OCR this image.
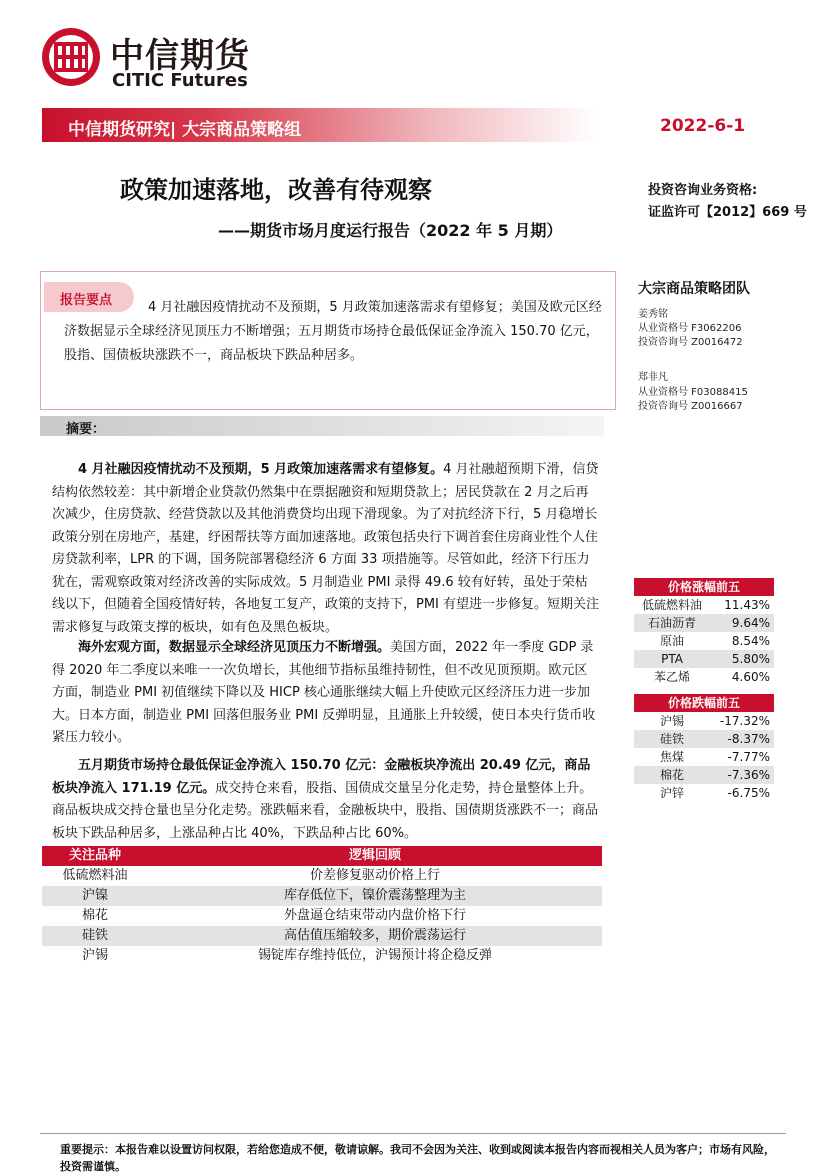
中信期货
CITIC Futures
中信期货研究| 大宗商品策略组	2022-6-1
政策加速落地，改善有待观察
——期货市场月度运行报告（2022 年 5 月期）
投资咨询业务资格:
证监许可【2012】669 号
报告要点	4 月社融因疫情扰动不及预期，5 月政策加速落需求有望修复；美国及欧元区经济数据显示全球经济见顶压力不断增强；五月期货市场持仓最低保证金净流入 150.70 亿元，股指、国债板块涨跌不一，商品板块下跌品种居多。
大宗商品策略团队
姜秀铭
从业资格号 F3062206
投资咨询号 Z0016472
郑非凡
从业资格号 F03088415
投资咨询号 Z0016667
摘要：
4 月社融因疫情扰动不及预期，5 月政策加速落需求有望修复。4 月社融超预期下滑，信贷结构依然较差：其中新增企业贷款仍然集中在票据融资和短期贷款上；居民贷款在 2 月之后再次减少，住房贷款、经营贷款以及其他消费贷均出现下滑现象。为了对抗经济下行，5 月稳增长政策分别在房地产，基建，纾困帮扶等方面加速落地。政策包括央行下调首套住房商业性个人住房贷款利率，LPR 的下调，国务院部署稳经济 6 方面 33 项措施等。尽管如此，经济下行压力犹在，需观察政策对经济改善的实际成效。5 月制造业 PMI 录得 49.6 较有好转，虽处于荣枯线以下，但随着全国疫情好转，各地复工复产，政策的支持下，PMI 有望进一步修复。短期关注需求修复与政策支撑的板块，如有色及黑色板块。
海外宏观方面，数据显示全球经济见顶压力不断增强。美国方面，2022 年一季度 GDP 录得 2020 年二季度以来唯一一次负增长，其他细节指标虽维持韧性，但不改见顶预期。欧元区方面，制造业 PMI 初值继续下降以及 HICP 核心通胀继续大幅上升使欧元区经济压力进一步加大。日本方面，制造业 PMI 回落但服务业 PMI 反弹明显，且通胀上升较缓，使日本央行货币收紧压力较小。
五月期货市场持仓最低保证金净流入 150.70 亿元：金融板块净流出 20.49 亿元，商品板块净流入 171.19 亿元。成交持仓来看，股指、国债成交量呈分化走势，持仓量整体上升。商品板块成交持仓量也呈分化走势。涨跌幅来看，金融板块中，股指、国债期货涨跌不一；商品板块下跌品种居多，上涨品种占比 40%，下跌品种占比 60%。
价格涨幅前五
低硫燃料油	11.43%
石油沥青	9.64%
原油	8.54%
PTA	5.80%
苯乙烯	4.60%
价格跌幅前五
沪锡	-17.32%
硅铁	-8.37%
焦煤	-7.77%
棉花	-7.36%
沪锌	-6.75%
关注品种	逻辑回顾
低硫燃料油	价差修复驱动价格上行
沪镍	库存低位下，镍价震荡整理为主
棉花	外盘逼仓结束带动内盘价格下行
硅铁	高估值压缩较多，期价震荡运行
沪锡	锡锭库存维持低位，沪锡预计将企稳反弹
重要提示：本报告难以设置访问权限，若给您造成不便，敬请谅解。我司不会因为关注、收到或阅读本报告内容而视相关人员为客户；市场有风险，投资需谨慎。
